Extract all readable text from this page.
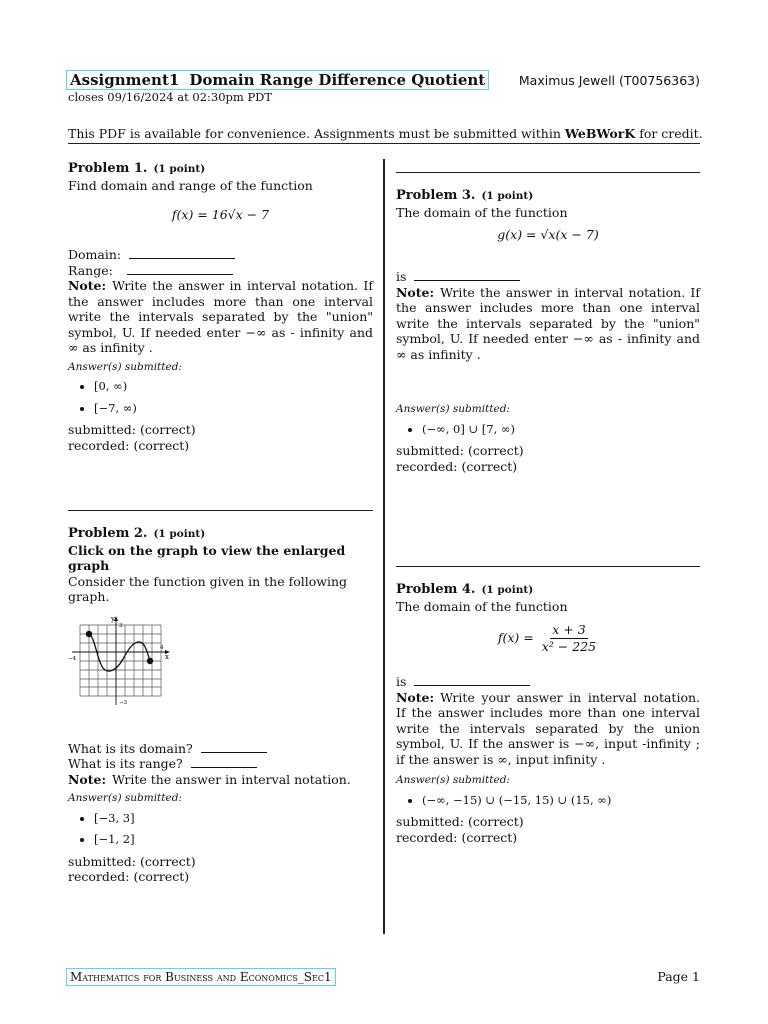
Assignment1 Domain Range Difference Quotient
closes 09/16/2024 at 02:30pm PDT
Maximus Jewell (T00756363)
This PDF is available for convenience. Assignments must be submitted within WeBWorK for credit.
Problem 1. (1 point)
Find domain and range of the function
f(x) = 16√x − 7
Domain:
Range:
Note: Write the answer in interval notation. If the answer includes more than one interval write the intervals separated by the "union" symbol, U. If needed enter −∞ as - infinity and ∞ as infinity .
Answer(s) submitted:
• [0, ∞)
• [−7, ∞)
submitted: (correct)
recorded: (correct)
Problem 2. (1 point)
Click on the graph to view the enlarged graph
Consider the function given in the following graph.
y
3
−4
4
x
−3
What is its domain?
What is its range?
Note: Write the answer in interval notation.
Answer(s) submitted:
• [−3, 3]
• [−1, 2]
submitted: (correct)
recorded: (correct)
Problem 3. (1 point)
The domain of the function
g(x) = √x(x − 7)
is
Note: Write the answer in interval notation. If the answer includes more than one interval write the intervals separated by the "union" symbol, U. If needed enter −∞ as - infinity and ∞ as infinity .
Answer(s) submitted:
• (−∞, 0] ∪ [7, ∞)
submitted: (correct)
recorded: (correct)
Problem 4. (1 point)
The domain of the function
$f(x) = \frac{x + 3}{\text{x² − 225}}$
is
Note: Write your answer in interval notation. If the answer includes more than one interval write the intervals separated by the union symbol, U. If the answer is −∞, input -infinity ; if the answer is ∞, input infinity .
Answer(s) submitted:
• (−∞, −15) ∪ (−15, 15) ∪ (15, ∞)
submitted: (correct)
recorded: (correct)
Mathematics for Business and Economics_Sec1	Page 1
